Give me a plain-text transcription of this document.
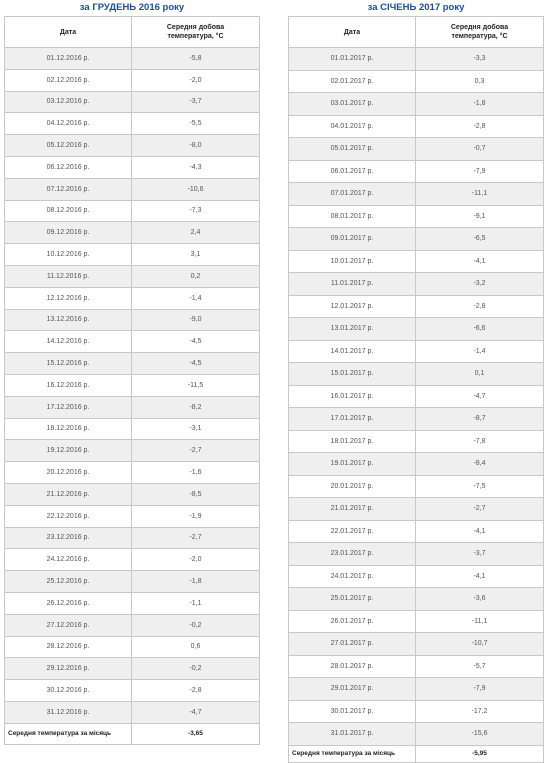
за ГРУДЕНЬ 2016 року
Дата	Середня добова
температура, °С
01.12.2016 р.	-5,8
02.12.2016 р.	-2,0
03.12.2016 р.	-3,7
04.12.2016 р.	-5,5
05.12.2016 р.	-8,0
06.12.2016 р.	-4,3
07.12.2016 р.	-10,6
08.12.2016 р.	-7,3
09.12.2016 р.	2,4
10.12.2016 р.	3,1
11.12.2016 р.	0,2
12.12.2016 р.	-1,4
13.12.2016 р.	-9,0
14.12.2016 р.	-4,5
15.12.2016 р.	-4,5
16.12.2016 р.	-11,5
17.12.2016 р.	-8,2
18.12.2016 р.	-3,1
19.12.2016 р.	-2,7
20.12.2016 р.	-1,6
21.12.2016 р.	-8,5
22.12.2016 р.	-1,9
23.12.2016 р.	-2,7
24.12.2016 р.	-2,0
25.12.2016 р.	-1,8
26.12.2016 р.	-1,1
27.12.2016 р.	-0,2
28.12.2016 р.	0,6
29.12.2016 р.	-0,2
30.12.2016 р.	-2,8
31.12.2016 р.	-4,7
Середня температура за місяць	-3,65
за СІЧЕНЬ 2017 року
Дата	Середня добова
температура, °С
01.01.2017 р.	-3,3
02.01.2017 р.	0,3
03.01.2017 р.	-1,8
04.01.2017 р.	-2,8
05.01.2017 р.	-0,7
06.01.2017 р.	-7,9
07.01.2017 р.	-11,1
08.01.2017 р.	-9,1
09.01.2017 р.	-6,5
10.01.2017 р.	-4,1
11.01.2017 р.	-3,2
12.01.2017 р.	-2,8
13.01.2017 р.	-6,6
14.01.2017 р.	-1,4
15.01.2017 р.	0,1
16.01.2017 р.	-4,7
17.01.2017 р.	-8,7
18.01.2017 р.	-7,8
19.01.2017 р.	-8,4
20.01.2017 р.	-7,5
21.01.2017 р.	-2,7
22.01.2017 р.	-4,1
23.01.2017 р.	-3,7
24.01.2017 р.	-4,1
25.01.2017 р.	-3,6
26.01.2017 р.	-11,1
27.01.2017 р.	-10,7
28.01.2017 р.	-5,7
29.01.2017 р.	-7,9
30.01.2017 р.	-17,2
31.01.2017 р.	-15,6
Середня температура за місяць	-5,95
